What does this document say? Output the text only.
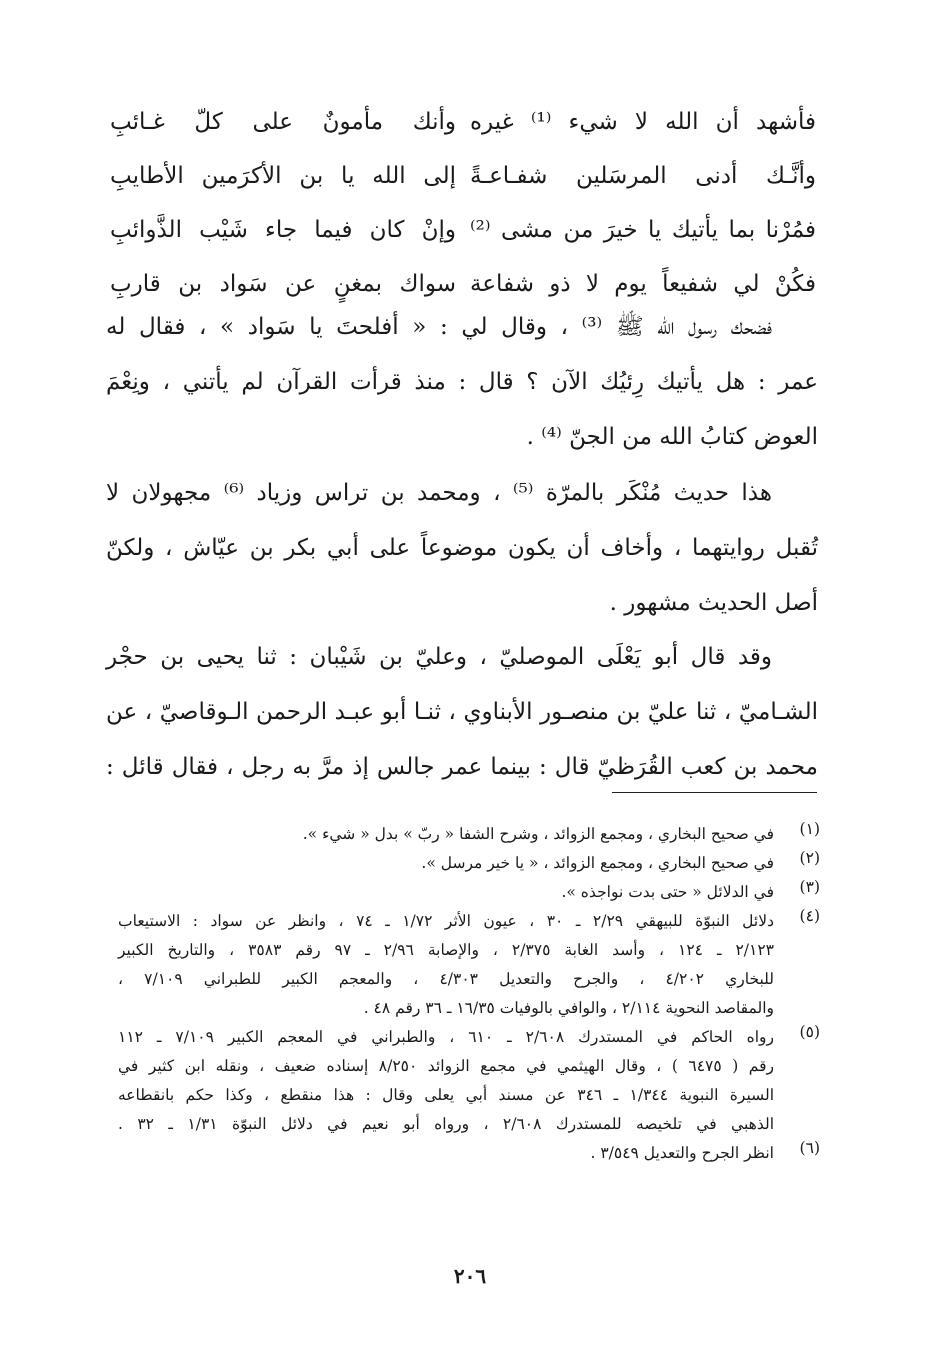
فأشهد أن الله لا شيء ⁽¹⁾ غيره
وأنك مأمونٌ على كلّ غـائبِ
وأنَّـك أدنى المرسَلين شفـاعـةً
إلى الله يا بن الأكرَمين الأطايبِ
فمُرْنا بما يأتيك يا خيرَ من مشى ⁽²⁾
وإنْ كان فيما جاء شَيْب الذَّوائبِ
فكُنْ لي شفيعاً يوم لا ذو شفاعة
سواك بمغنٍ عن سَواد بن قاربِ
فضحك رسول الله ﷺ ⁽³⁾ ، وقال لي : « أفلحتَ يا سَواد » ، فقال له
عمر : هل يأتيك رِئيُك الآن ؟ قال : منذ قرأت القرآن لم يأتني ، ونِعْمَ
العوض كتابُ الله من الجنّ ⁽⁴⁾ .
هذا حديث مُنْكَر بالمرّة ⁽⁵⁾ ، ومحمد بن تراس وزياد ⁽⁶⁾ مجهولان لا
تُقبل روايتهما ، وأخاف أن يكون موضوعاً على أبي بكر بن عيّاش ، ولكنّ
أصل الحديث مشهور .
وقد قال أبو يَعْلَى الموصليّ ، وعليّ بن شَيْبان : ثنا يحيى بن حجْر
الشـاميّ ، ثنا عليّ بن منصـور الأبناوي ، ثنـا أبو عبـد الرحمن الـوقاصيّ ، عن
محمد بن كعب القُرَظيّ قال : بينما عمر جالس إذ مرَّ به رجل ، فقال قائل :
(١)
في صحيح البخاري ، ومجمع الزوائد ، وشرح الشفا « ربّ » بدل « شيء ».
(٢)
في صحيح البخاري ، ومجمع الزوائد ، « يا خير مرسل ».
(٣)
في الدلائل « حتى بدت نواجذه ».
(٤)
دلائل النبوّة للبيهقي ٢/٢٩ ـ ٣٠ ، عيون الأثر ١/٧٢ ـ ٧٤ ، وانظر عن سواد : الاستيعاب
٢/١٢٣ ـ ١٢٤ ، وأسد الغابة ٢/٣٧٥ ، والإصابة ٢/٩٦ ـ ٩٧ رقم ٣٥٨٣ ، والتاريخ الكبير
للبخاري ٤/٢٠٢ ، والجرح والتعديل ٤/٣٠٣ ، والمعجم الكبير للطبراني ٧/١٠٩ ،
والمقاصد النحوية ٢/١١٤ ، والوافي بالوفيات ١٦/٣٥ ـ ٣٦ رقم ٤٨ .
(٥)
رواه الحاكم في المستدرك ٢/٦٠٨ ـ ٦١٠ ، والطبراني في المعجم الكبير ٧/١٠٩ ـ ١١٢
رقم ( ٦٤٧٥ ) ، وقال الهيثمي في مجمع الزوائد ٨/٢٥٠ إسناده ضعيف ، ونقله ابن كثير في
السيرة النبوية ١/٣٤٤ ـ ٣٤٦ عن مسند أبي يعلى وقال : هذا منقطع ، وكذا حكم بانقطاعه
الذهبي في تلخيصه للمستدرك ٢/٦٠٨ ، ورواه أبو نعيم في دلائل النبوّة ١/٣١ ـ ٣٢ .
(٦)
انظر الجرح والتعديل ٣/٥٤٩ .
٢٠٦
